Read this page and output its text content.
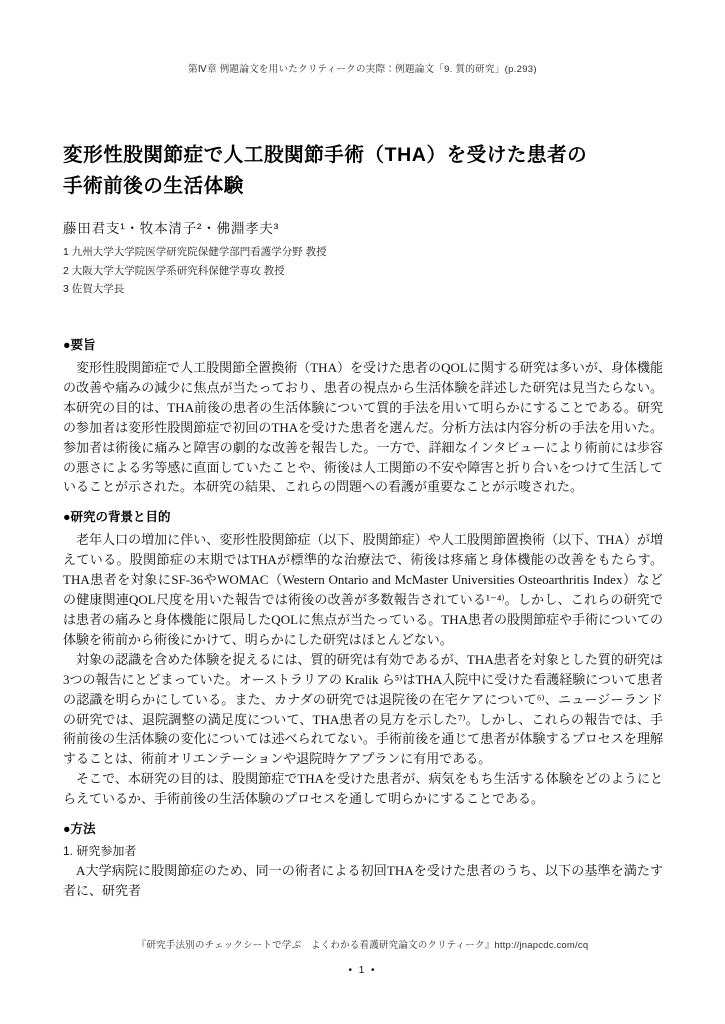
第Ⅳ章 例題論文を用いたクリティークの実際：例題論文「9. 質的研究」(p.293)
変形性股関節症で人工股関節手術（THA）を受けた患者の
手術前後の生活体験
藤田君支¹・牧本清子²・佛淵孝夫³
1 九州大学大学院医学研究院保健学部門看護学分野 教授
2 大阪大学大学院医学系研究科保健学専攻 教授
3 佐賀大学長
●要旨

変形性股関節症で人工股関節全置換術（THA）を受けた患者のQOLに関する研究は多いが、身体機能の改善や痛みの減少に焦点が当たっており、患者の視点から生活体験を詳述した研究は見当たらない。本研究の目的は、THA前後の患者の生活体験について質的手法を用いて明らかにすることである。研究の参加者は変形性股関節症で初回のTHAを受けた患者を選んだ。分析方法は内容分析の手法を用いた。参加者は術後に痛みと障害の劇的な改善を報告した。一方で、詳細なインタビューにより術前には歩容の悪さによる劣等感に直面していたことや、術後は人工関節の不安や障害と折り合いをつけて生活していることが示された。本研究の結果、これらの問題への看護が重要なことが示唆された。

●研究の背景と目的

老年人口の増加に伴い、変形性股関節症（以下、股関節症）や人工股関節置換術（以下、THA）が増えている。股関節症の末期ではTHAが標準的な治療法で、術後は疼痛と身体機能の改善をもたらす。THA患者を対象にSF-36やWOMAC（Western Ontario and McMaster Universities Osteoarthritis Index）などの健康関連QOL尺度を用いた報告では術後の改善が多数報告されている¹⁻⁴⁾。しかし、これらの研究では患者の痛みと身体機能に限局したQOLに焦点が当たっている。THA患者の股関節症や手術についての体験を術前から術後にかけて、明らかにした研究はほとんどない。

対象の認識を含めた体験を捉えるには、質的研究は有効であるが、THA患者を対象とした質的研究は3つの報告にとどまっていた。オーストラリアの Kralik ら⁵⁾はTHA入院中に受けた看護経験について患者の認識を明らかにしている。また、カナダの研究では退院後の在宅ケアについて⁶⁾、ニュージーランドの研究では、退院調整の満足度について、THA患者の見方を示した⁷⁾。しかし、これらの報告では、手術前後の生活体験の変化については述べられてない。手術前後を通じて患者が体験するプロセスを理解することは、術前オリエンテーションや退院時ケアプランに有用である。

そこで、本研究の目的は、股関節症でTHAを受けた患者が、病気をもち生活する体験をどのようにとらえているか、手術前後の生活体験のプロセスを通して明らかにすることである。

●方法
1. 研究参加者

A大学病院に股関節症のため、同一の術者による初回THAを受けた患者のうち、以下の基準を満たす者に、研究者

『研究手法別のチェックシートで学ぶ　よくわかる看護研究論文のクリティーク』http://jnapcdc.com/cq
• 1 •
